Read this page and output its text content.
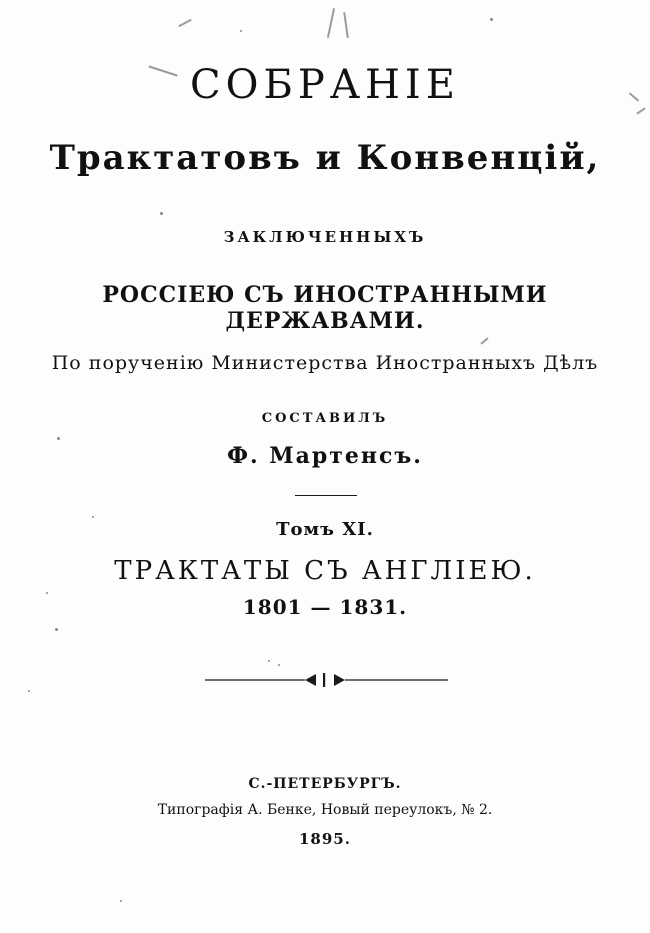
СОБРАНІЕ
Трактатовъ и Конвенцій,
ЗАКЛЮЧЕННЫХЪ
РОССІЕЮ СЪ ИНОСТРАННЫМИ ДЕРЖАВАМИ.
По порученію Министерства Иностранныхъ Дѣлъ
СОСТАВИЛЪ
Ф. Мартенсъ.
Томъ XI.
ТРАКТАТЫ СЪ АНГЛІЕЮ.
1801 — 1831.
С.-ПЕТЕРБУРГЪ.
Типографія А. Бенке, Новый переулокъ, № 2.
1895.
